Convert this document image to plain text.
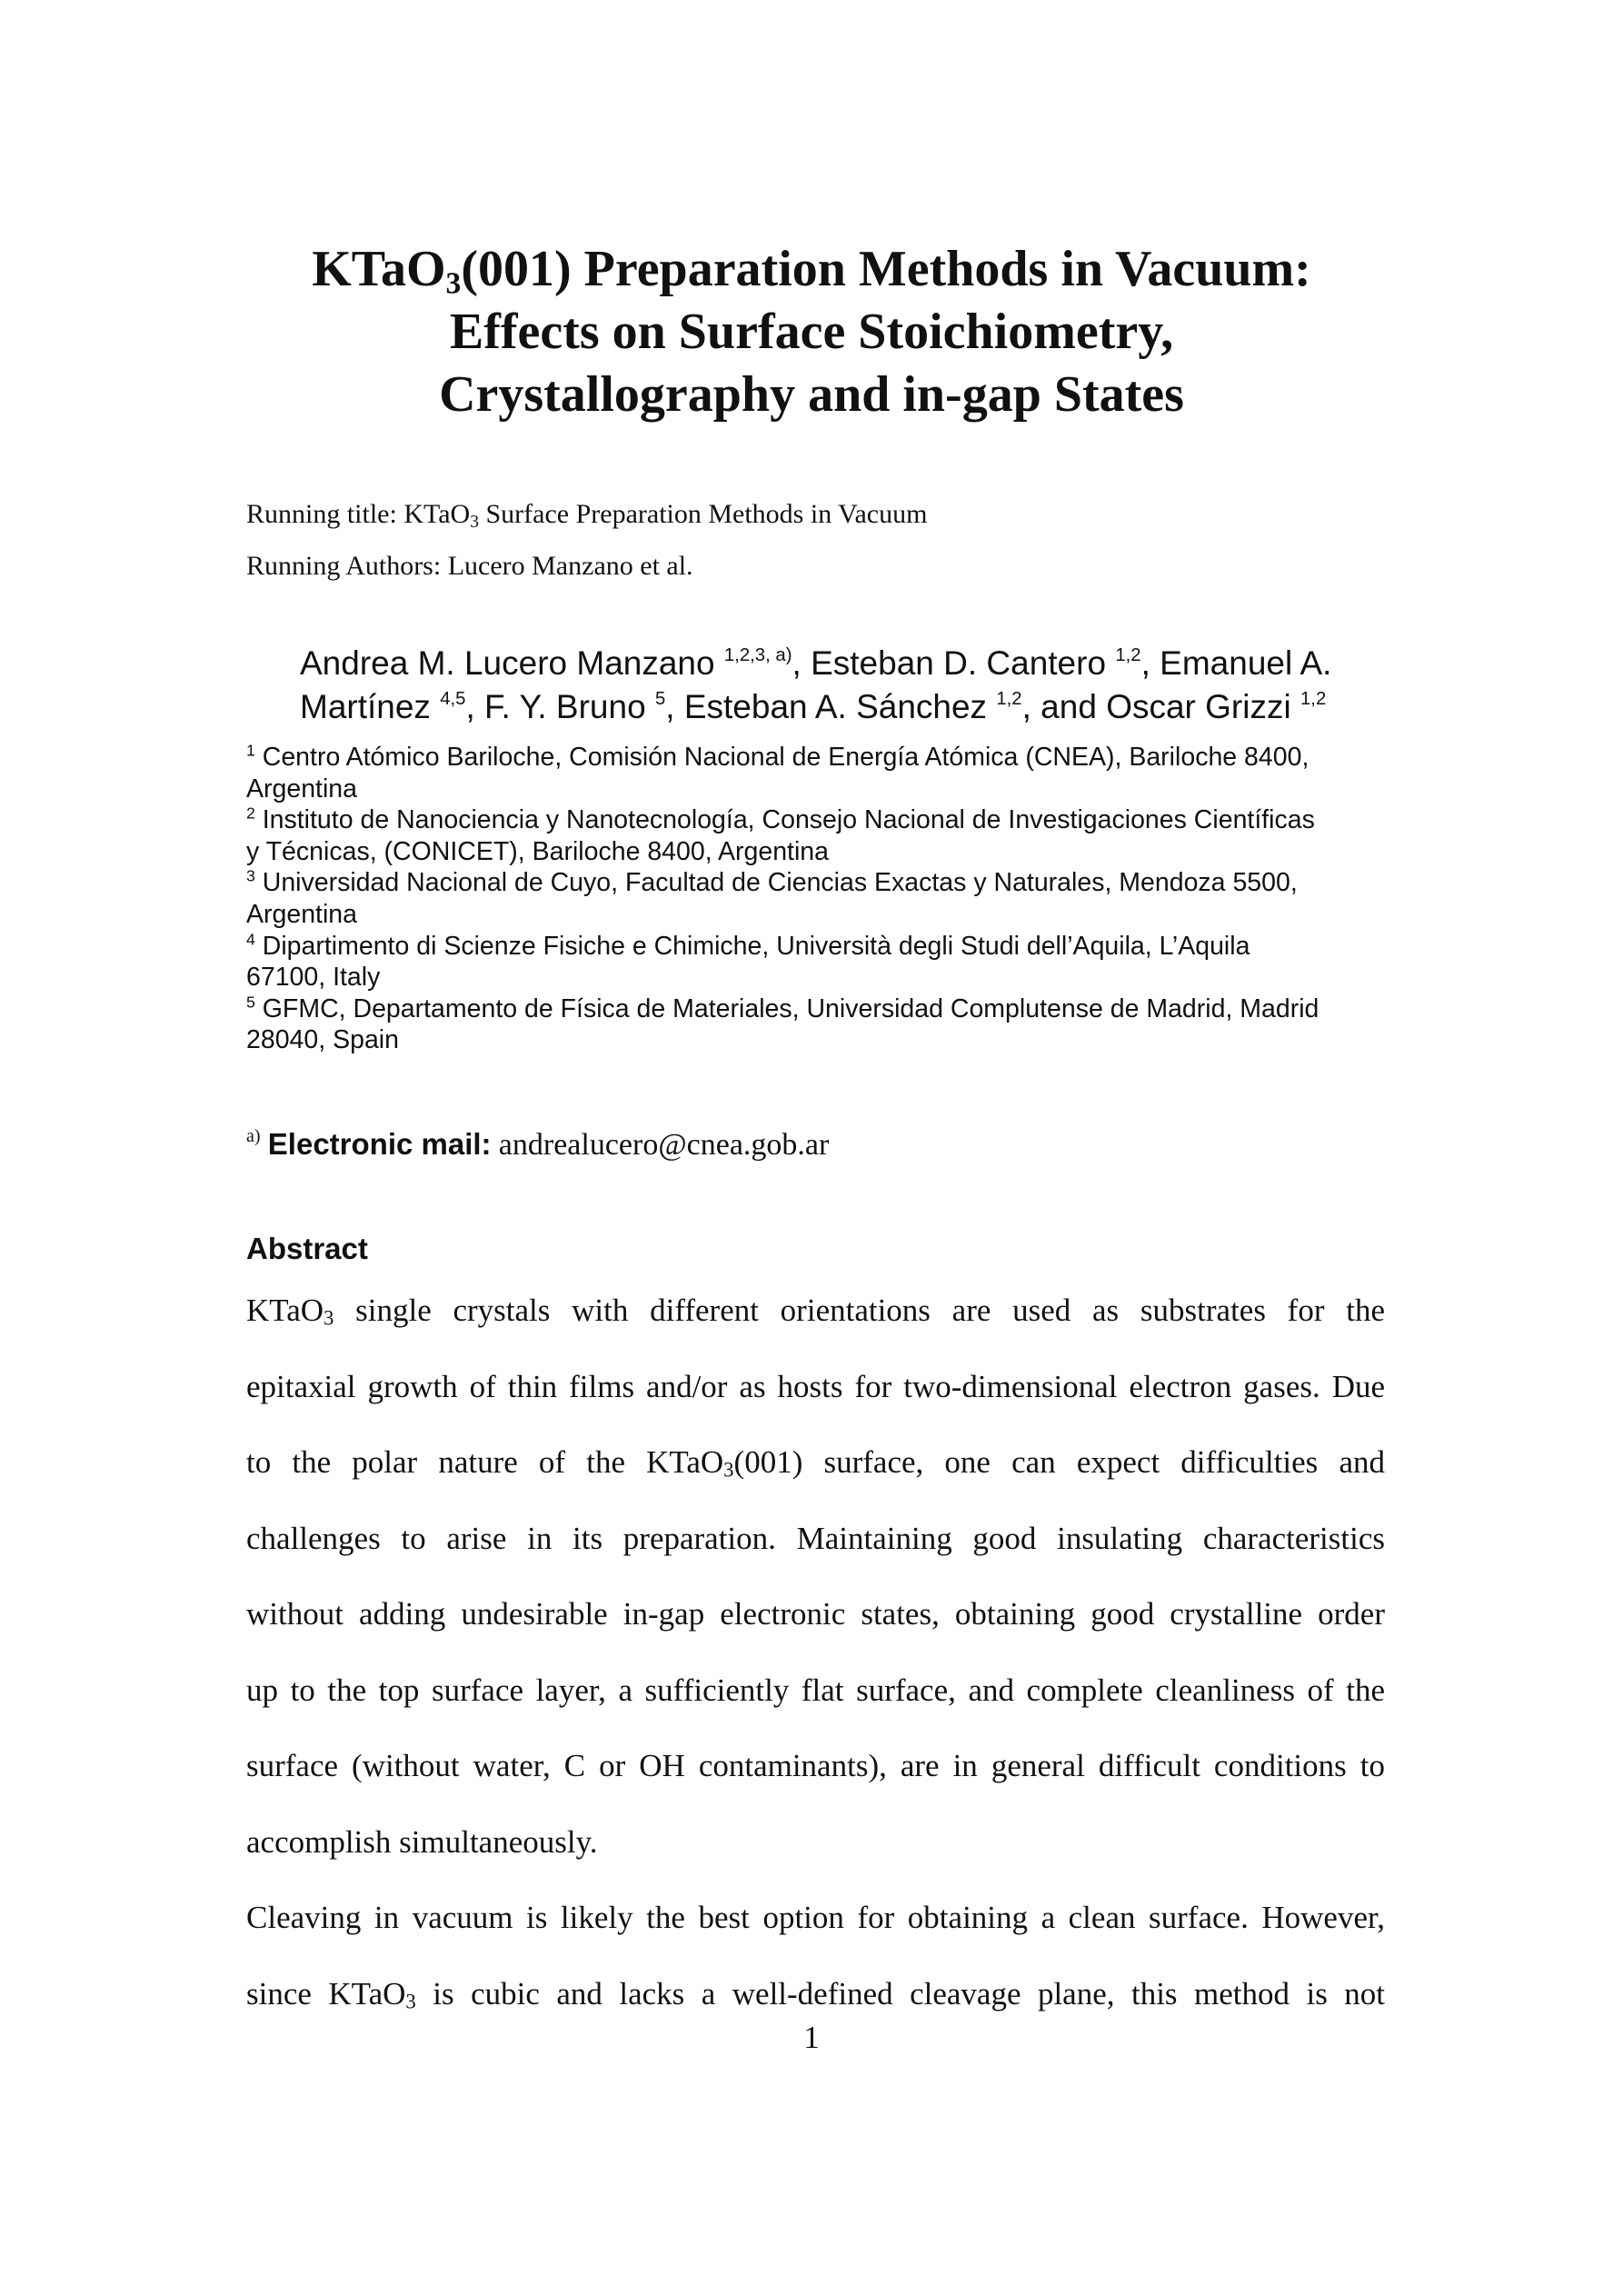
KTaO$_3$(001) Preparation Methods in Vacuum:
Effects on Surface Stoichiometry,
Crystallography and in-gap States
Running title: KTaO$_3$ Surface Preparation Methods in Vacuum
Running Authors: Lucero Manzano et al.
Andrea M. Lucero Manzano $^{1,2,3, a)}$, Esteban D. Cantero $^{1,2}$, Emanuel A.
Martínez $^{4,5}$, F. Y. Bruno $^5$, Esteban A. Sánchez $^{1,2}$, and Oscar Grizzi $^{1,2}$
$^1$ Centro Atómico Bariloche, Comisión Nacional de Energía Atómica (CNEA), Bariloche 8400,
Argentina
$^2$ Instituto de Nanociencia y Nanotecnología, Consejo Nacional de Investigaciones Científicas
y Técnicas, (CONICET), Bariloche 8400, Argentina
$^3$ Universidad Nacional de Cuyo, Facultad de Ciencias Exactas y Naturales, Mendoza 5500,
Argentina
$^4$ Dipartimento di Scienze Fisiche e Chimiche, Università degli Studi dell’Aquila, L’Aquila
67100, Italy
$^5$ GFMC, Departamento de Física de Materiales, Universidad Complutense de Madrid, Madrid
28040, Spain
$^{a)}$ Electronic mail: andrealucero@cnea.gob.ar
Abstract
KTaO$_3$ single crystals with different orientations are used as substrates for the
epitaxial growth of thin films and/or as hosts for two-dimensional electron gases. Due
to the polar nature of the KTaO$_3$(001) surface, one can expect difficulties and
challenges to arise in its preparation. Maintaining good insulating characteristics
without adding undesirable in-gap electronic states, obtaining good crystalline order
up to the top surface layer, a sufficiently flat surface, and complete cleanliness of the
surface (without water, C or OH contaminants), are in general difficult conditions to
accomplish simultaneously.
Cleaving in vacuum is likely the best option for obtaining a clean surface. However,
since KTaO$_3$ is cubic and lacks a well-defined cleavage plane, this method is not
1
